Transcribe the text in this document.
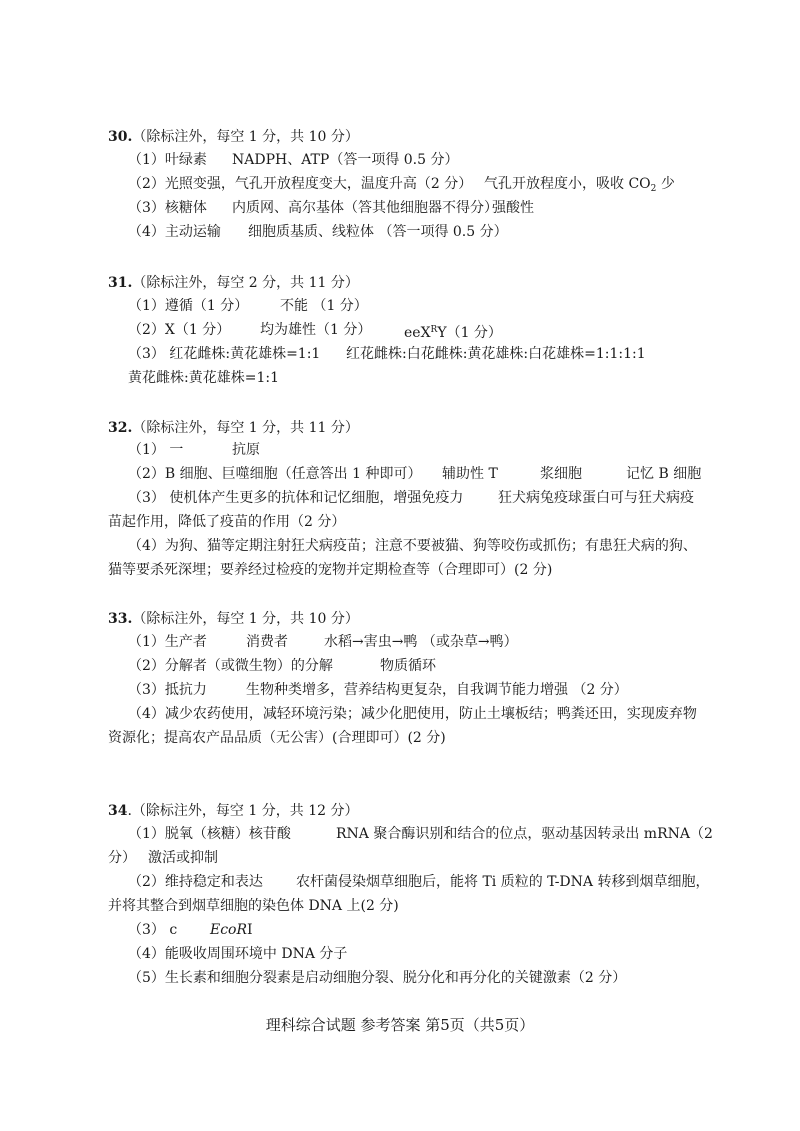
30.（除标注外，每空 1 分，共 10 分）
（1）叶绿素 NADPH、ATP（答一项得 0.5 分）
（2）光照变强，气孔开放程度变大，温度升高（2 分） 气孔开放程度小，吸收 $CO_2$ 少
（3）核糖体 内质网、高尔基体（答其他细胞器不得分）
强酸性
（4）主动运输 细胞质基质、线粒体 （答一项得 0.5 分）
31.（除标注外，每空 2 分，共 11 分）
（1）遵循（1 分） 不能 （1 分）
（2）X（1 分） 均为雄性（1 分） eeX$^R$Y（1 分）
（3） 红花雌株:黄花雄株=1:1 红花雌株:白花雌株:黄花雄株:白花雄株=1:1:1:1
黄花雌株:黄花雄株=1:1
32.（除标注外，每空 1 分，共 11 分）
（1） 一	抗原
（2）B 细胞、巨噬细胞（任意答出 1 种即可） 辅助性 T	浆细胞	记忆 B 细胞
（3） 使机体产生更多的抗体和记忆细胞，增强免疫力 狂犬病兔疫球蛋白可与狂犬病疫
苗起作用，降低了疫苗的作用（2 分）
（4）为狗、猫等定期注射狂犬病疫苗；注意不要被猫、狗等咬伤或抓伤；有患狂犬病的狗、
猫等要杀死深埋；要养经过检疫的宠物并定期检查等（合理即可）(2 分)
33.（除标注外，每空 1 分，共 10 分）
（1）生产者	消费者	水稻→害虫→鸭 （或杂草→鸭）
（2）分解者（或微生物）的分解	物质循环
（3）抵抗力	生物种类增多，营养结构更复杂，自我调节能力增强 （2 分）
（4）减少农药使用，减轻环境污染；减少化肥使用，防止土壤板结；鸭粪还田，实现废弃物
资源化；提高农产品品质（无公害）(合理即可）(2 分)
34.（除标注外，每空 1 分，共 12 分）
（1）脱氧（核糖）核苷酸	RNA 聚合酶识别和结合的位点，驱动基因转录出 mRNA（2
分） 激活或抑制
（2）维持稳定和表达 农杆菌侵染烟草细胞后，能将 Ti 质粒的 T-DNA 转移到烟草细胞，
并将其整合到烟草细胞的染色体 DNA 上(2 分)
（3） c EcoRⅠ
（4）能吸收周围环境中 DNA 分子
（5）生长素和细胞分裂素是启动细胞分裂、脱分化和再分化的关键激素（2 分）
理科综合试题 参考答案 第5页（共5页）
